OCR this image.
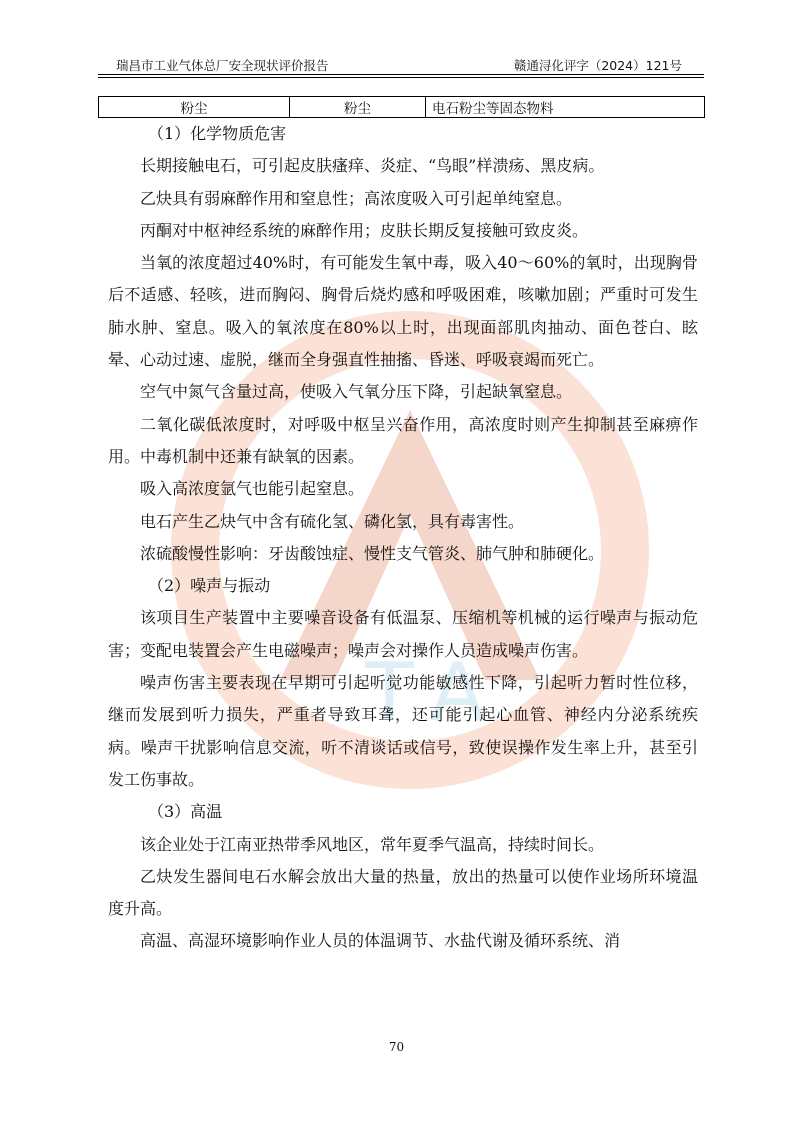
T A
瑞昌市工业气体总厂安全现状评价报告	赣通浔化评字（2024）121号
粉尘	粉尘	电石粉尘等固态物料

（1）化学物质危害

长期接触电石，可引起皮肤瘙痒、炎症、“鸟眼”样溃疡、黑皮病。

乙炔具有弱麻醉作用和窒息性；高浓度吸入可引起单纯窒息。

丙酮对中枢神经系统的麻醉作用；皮肤长期反复接触可致皮炎。

当氧的浓度超过40%时，有可能发生氧中毒，吸入40～60%的氧时，出现胸骨后不适感、轻咳，进而胸闷、胸骨后烧灼感和呼吸困难，咳嗽加剧；严重时可发生肺水肿、窒息。吸入的氧浓度在80%以上时，出现面部肌肉抽动、面色苍白、眩晕、心动过速、虚脱，继而全身强直性抽搐、昏迷、呼吸衰竭而死亡。

空气中氮气含量过高，使吸入气氧分压下降，引起缺氧窒息。

二氧化碳低浓度时，对呼吸中枢呈兴奋作用，高浓度时则产生抑制甚至麻痹作用。中毒机制中还兼有缺氧的因素。

吸入高浓度氩气也能引起窒息。

电石产生乙炔气中含有硫化氢、磷化氢，具有毒害性。

浓硫酸慢性影响：牙齿酸蚀症、慢性支气管炎、肺气肿和肺硬化。

（2）噪声与振动

该项目生产装置中主要噪音设备有低温泵、压缩机等机械的运行噪声与振动危害；变配电装置会产生电磁噪声；噪声会对操作人员造成噪声伤害。

噪声伤害主要表现在早期可引起听觉功能敏感性下降，引起听力暂时性位移，继而发展到听力损失，严重者导致耳聋，还可能引起心血管、神经内分泌系统疾病。噪声干扰影响信息交流，听不清谈话或信号，致使误操作发生率上升，甚至引发工伤事故。

（3）高温

该企业处于江南亚热带季风地区，常年夏季气温高，持续时间长。

乙炔发生器间电石水解会放出大量的热量，放出的热量可以使作业场所环境温度升高。

高温、高湿环境影响作业人员的体温调节、水盐代谢及循环系统、消

70
